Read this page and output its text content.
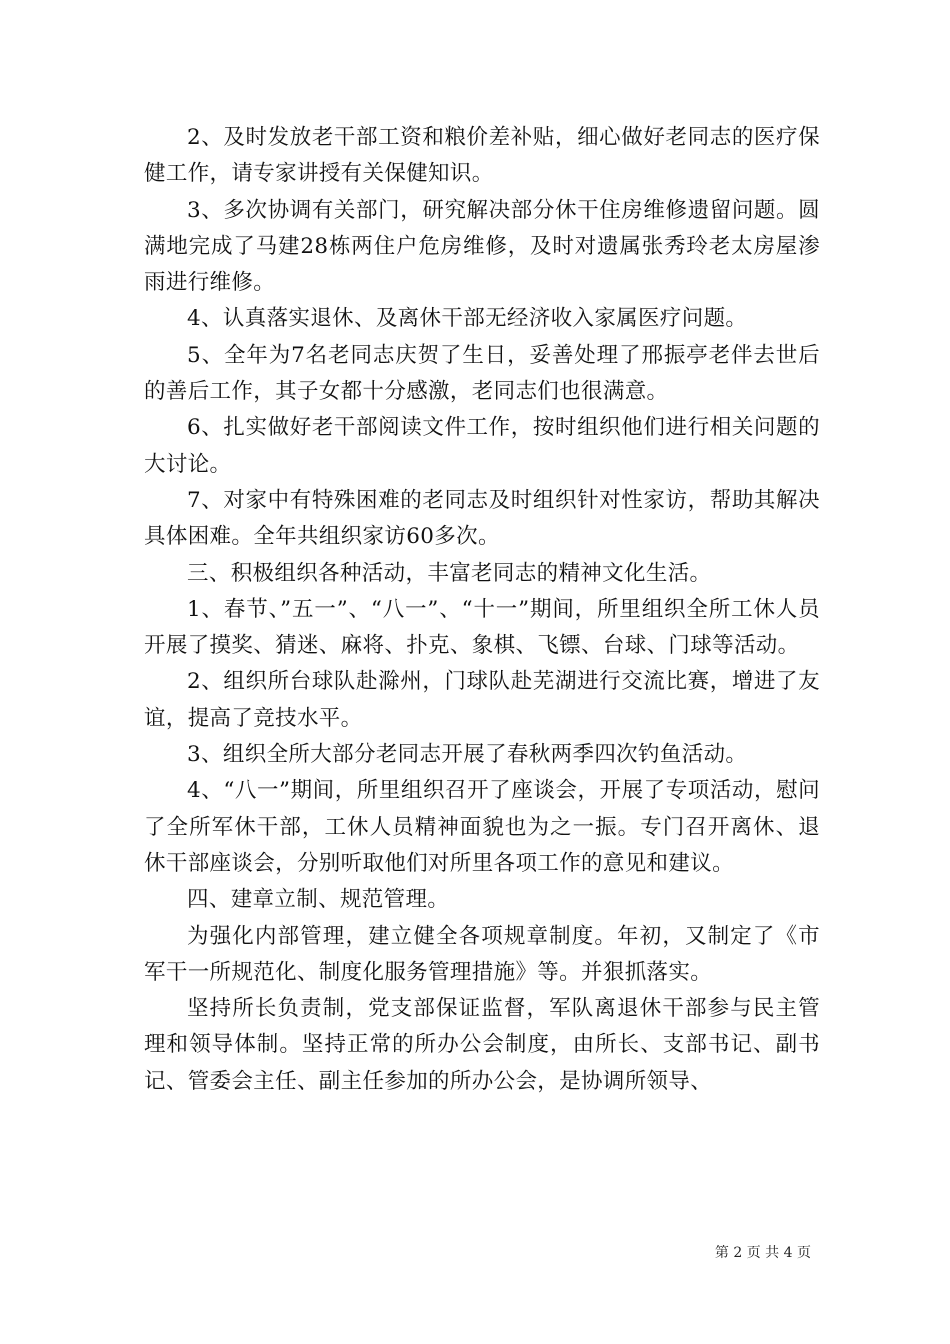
2、及时发放老干部工资和粮价差补贴，细心做好老同志的医疗保健工作，请专家讲授有关保健知识。

3、多次协调有关部门，研究解决部分休干住房维修遗留问题。圆满地完成了马建28栋两住户危房维修，及时对遗属张秀玲老太房屋渗雨进行维修。

4、认真落实退休、及离休干部无经济收入家属医疗问题。

5、全年为7名老同志庆贺了生日，妥善处理了邢振亭老伴去世后的善后工作，其子女都十分感激，老同志们也很满意。

6、扎实做好老干部阅读文件工作，按时组织他们进行相关问题的大讨论。

7、对家中有特殊困难的老同志及时组织针对性家访，帮助其解决具体困难。全年共组织家访60多次。

三、积极组织各种活动，丰富老同志的精神文化生活。

1、春节、”五一”、“八一”、“十一”期间，所里组织全所工休人员开展了摸奖、猜迷、麻将、扑克、象棋、飞镖、台球、门球等活动。

2、组织所台球队赴滁州，门球队赴芜湖进行交流比赛，增进了友谊，提高了竞技水平。

3、组织全所大部分老同志开展了春秋两季四次钓鱼活动。

4、“八一”期间，所里组织召开了座谈会，开展了专项活动，慰问了全所军休干部，工休人员精神面貌也为之一振。专门召开离休、退休干部座谈会，分别听取他们对所里各项工作的意见和建议。

四、建章立制、规范管理。

为强化内部管理，建立健全各项规章制度。年初，又制定了《市军干一所规范化、制度化服务管理措施》等。并狠抓落实。

坚持所长负责制，党支部保证监督，军队离退休干部参与民主管理和领导体制。坚持正常的所办公会制度，由所长、支部书记、副书记、管委会主任、副主任参加的所办公会，是协调所领导、

第 2 页 共 4 页
